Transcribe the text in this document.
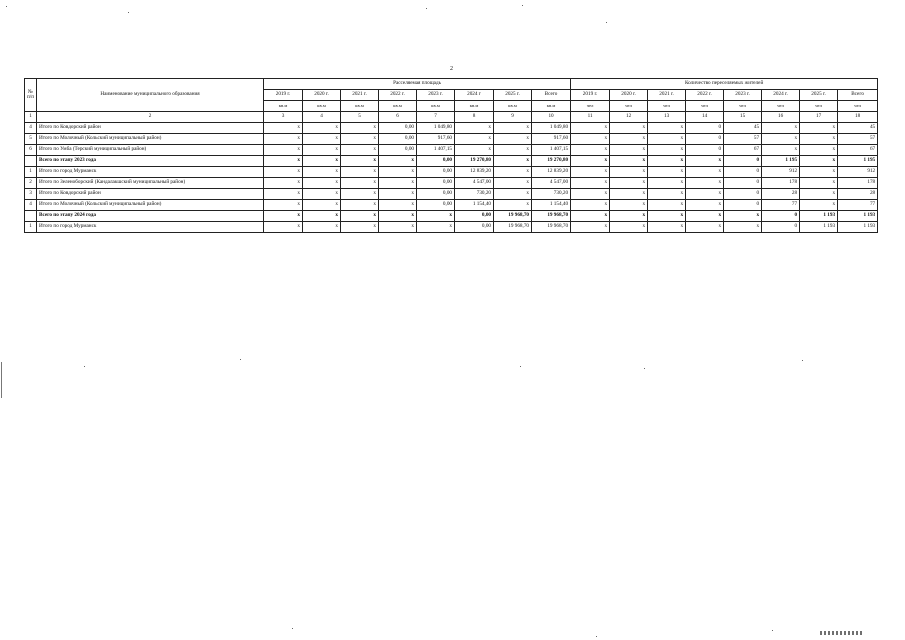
2
№
п/п	Наименование муниципального образования	Расселяемая площадь								Количество переселяемых жителей							
		2019 г.	2020 г.	2021 г.	2022 г.	2023 г.	2024 г	2025 г.	Всего	2019 г.	2020 г.	2021 г.	2022 г.	2023 г.	2024 г.	2025 г.	Всего
		кв.м	кв.м	кв.м	кв.м	кв.м	кв.м	кв.м	кв.м	чел	чел	чел	чел	чел	чел	чел	чел
1	2	3	4	5	6	7	8	9	10	11	12	13	14	15	16	17	18
4	Итого по Ковдорский район	x	x	x	0,00	1 049,80	x	x	1 049,80	x	x	x	0	45	x	x	45
5	Итого по Молочный (Кольский муниципальный район)	x	x	x	0,00	917,60	x	x	917,60	x	x	x	0	57	x	x	57
6	Итого по Умба (Терский муниципальный район)	x	x	x	0,00	1 407,15	x	x	1 407,15	x	x	x	0	67	x	x	67
	Всего по этапу 2023 года	x	x	x	x	0,00	19 270,80	x	19 270,80	x	x	x	x	0	1 195	x	1 195
1	Итого по город Мурманск	x	x	x	x	0,00	12 839,20	x	12 839,20	x	x	x	x	0	912	x	912
2	Итого по Зеленоборский (Кандалакшский муниципальный район)	x	x	x	x	0,00	4 547,00	x	4 547,00	x	x	x	x	0	178	x	178
3	Итого по Ковдорский район	x	x	x	x	0,00	730,20	x	730,20	x	x	x	x	0	28	x	28
4	Итого по Молочный (Кольский муниципальный район)	x	x	x	x	0,00	1 154,40	x	1 154,40	x	x	x	x	0	77	x	77
	Всего по этапу 2024 года	x	x	x	x	x	0,00	19 968,70	19 968,70	x	x	x	x	x	0	1 193	1 193
1	Итого по город Мурманск	x	x	x	x	x	0,00	19 968,70	19 968,70	x	x	x	x	x	0	1 193	1 193
